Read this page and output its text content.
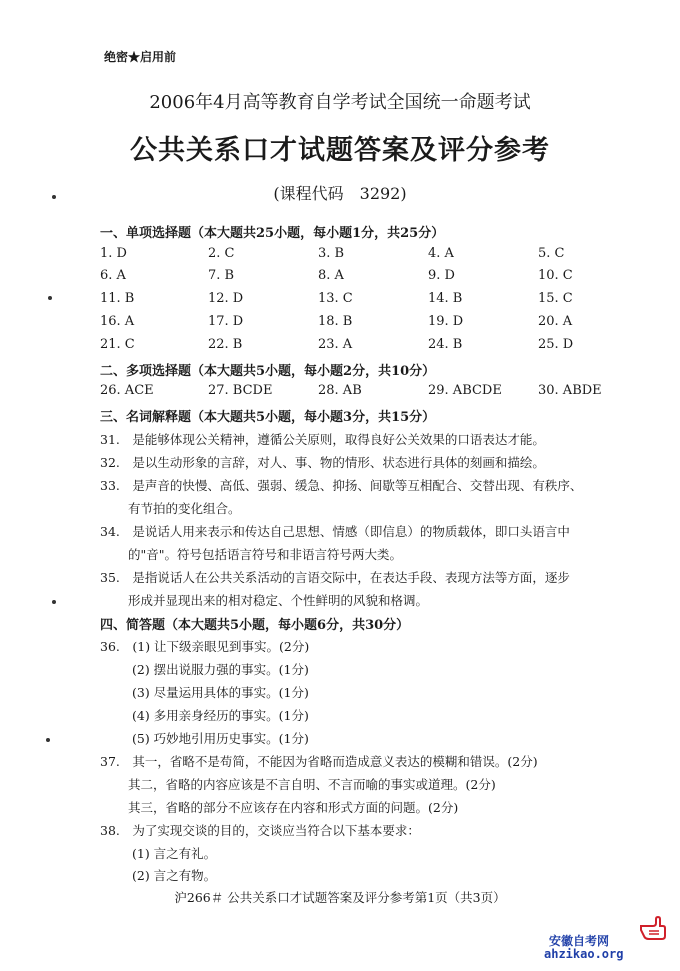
绝密★启用前
2006年4月高等教育自学考试全国统一命题考试
公共关系口才试题答案及评分参考
(课程代码　3292)
一、单项选择题（本大题共25小题，每小题1分，共25分）
1. D	2. C	3. B	4. A	5. C
6. A	7. B	8. A	9. D	10. C
11. B	12. D	13. C	14. B	15. C
16. A	17. D	18. B	19. D	20. A
21. C	22. B	23. A	24. B	25. D
二、多项选择题（本大题共5小题，每小题2分，共10分）
26. ACE	27. BCDE	28. AB	29. ABCDE	30. ABDE
三、名词解释题（本大题共5小题，每小题3分，共15分）
31.　是能够体现公关精神，遵循公关原则，取得良好公关效果的口语表达才能。
32.　是以生动形象的言辞，对人、事、物的情形、状态进行具体的刻画和描绘。
33.　是声音的快慢、高低、强弱、缓急、抑扬、间歇等互相配合、交替出现、有秩序、
有节拍的变化组合。
34.　是说话人用来表示和传达自己思想、情感（即信息）的物质载体，即口头语言中
的"音"。符号包括语言符号和非语言符号两大类。
35.　是指说话人在公共关系活动的言语交际中，在表达手段、表现方法等方面，逐步
形成并显现出来的相对稳定、个性鲜明的风貌和格调。
四、简答题（本大题共5小题，每小题6分，共30分）
36.　(1) 让下级亲眼见到事实。(2分)
(2) 摆出说服力强的事实。(1分)
(3) 尽量运用具体的事实。(1分)
(4) 多用亲身经历的事实。(1分)
(5) 巧妙地引用历史事实。(1分)
37.　其一，省略不是苟简，不能因为省略而造成意义表达的模糊和错误。(2分)
其二，省略的内容应该是不言自明、不言而喻的事实或道理。(2分)
其三，省略的部分不应该存在内容和形式方面的问题。(2分)
38.　为了实现交谈的目的，交谈应当符合以下基本要求：
(1) 言之有礼。
(2) 言之有物。
沪266＃ 公共关系口才试题答案及评分参考第1页（共3页）
安徽自考网
ahzikao.org
